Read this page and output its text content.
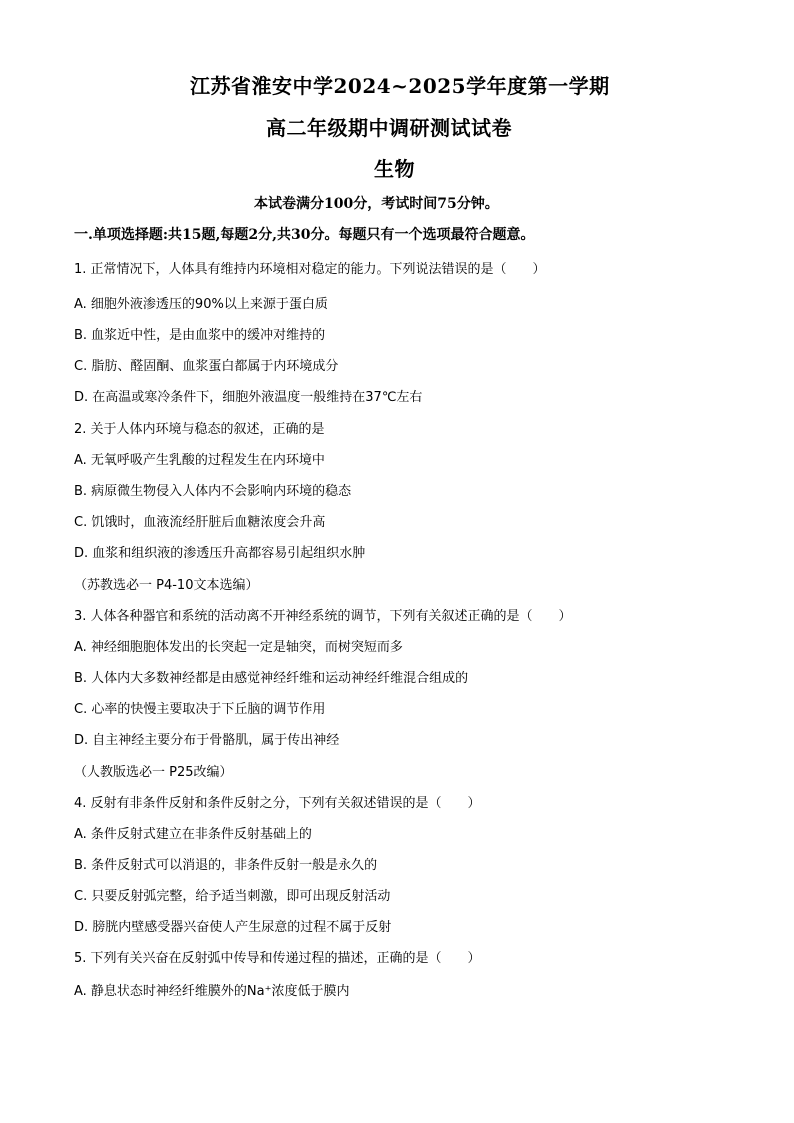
江苏省淮安中学2024~2025学年度第一学期
高二年级期中调研测试试卷
生物
本试卷满分100分，考试时间75分钟。
一.单项选择题:共15题,每题2分,共30分。每题只有一个选项最符合题意。
1. 正常情况下，人体具有维持内环境相对稳定的能力。下列说法错误的是（　　）
A. 细胞外液渗透压的90%以上来源于蛋白质
B. 血浆近中性，是由血浆中的缓冲对维持的
C. 脂肪、醛固酮、血浆蛋白都属于内环境成分
D. 在高温或寒冷条件下，细胞外液温度一般维持在37℃左右
2. 关于人体内环境与稳态的叙述，正确的是
A. 无氧呼吸产生乳酸的过程发生在内环境中
B. 病原微生物侵入人体内不会影响内环境的稳态
C. 饥饿时，血液流经肝脏后血糖浓度会升高
D. 血浆和组织液的渗透压升高都容易引起组织水肿
（苏教选必一 P4-10文本选编）
3. 人体各种器官和系统的活动离不开神经系统的调节，下列有关叙述正确的是（　　）
A. 神经细胞胞体发出的长突起一定是轴突，而树突短而多
B. 人体内大多数神经都是由感觉神经纤维和运动神经纤维混合组成的
C. 心率的快慢主要取决于下丘脑的调节作用
D. 自主神经主要分布于骨骼肌，属于传出神经
（人教版选必一 P25改编）
4. 反射有非条件反射和条件反射之分，下列有关叙述错误的是（　　）
A. 条件反射式建立在非条件反射基础上的
B. 条件反射式可以消退的，非条件反射一般是永久的
C. 只要反射弧完整，给予适当刺激，即可出现反射活动
D. 膀胱内壁感受器兴奋使人产生尿意的过程不属于反射
5. 下列有关兴奋在反射弧中传导和传递过程的描述，正确的是（　　）
A. 静息状态时神经纤维膜外的Na⁺浓度低于膜内
